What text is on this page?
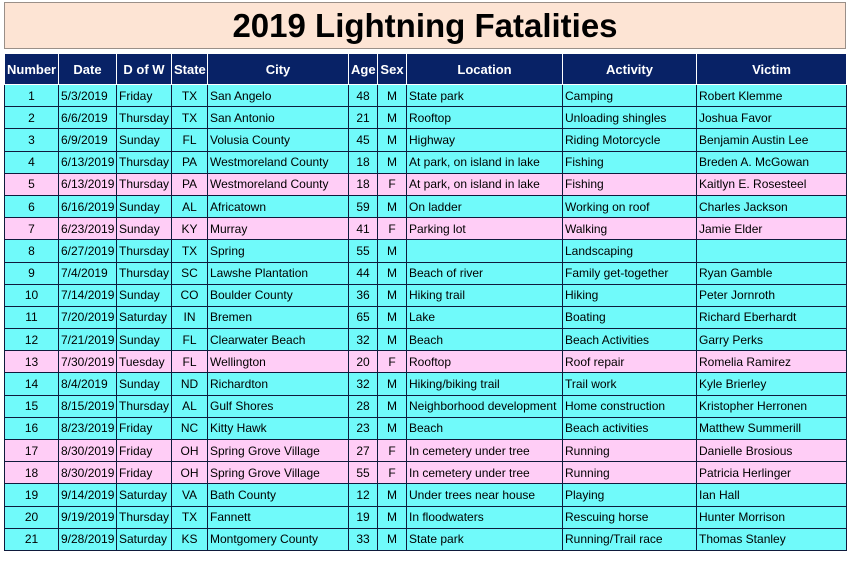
2019 Lightning Fatalities
Number	Date	D of W	State	City	Age	Sex	Location	Activity	Victim
1	5/3/2019	Friday	TX	San Angelo	48	M	State park	Camping	Robert Klemme
2	6/6/2019	Thursday	TX	San Antonio	21	M	Rooftop	Unloading shingles	Joshua Favor
3	6/9/2019	Sunday	FL	Volusia County	45	M	Highway	Riding Motorcycle	Benjamin Austin Lee
4	6/13/2019	Thursday	PA	Westmoreland County	18	M	At park, on island in lake	Fishing	Breden A. McGowan
5	6/13/2019	Thursday	PA	Westmoreland County	18	F	At park, on island in lake	Fishing	Kaitlyn E. Rosesteel
6	6/16/2019	Sunday	AL	Africatown	59	M	On ladder	Working on roof	Charles Jackson
7	6/23/2019	Sunday	KY	Murray	41	F	Parking lot	Walking	Jamie Elder
8	6/27/2019	Thursday	TX	Spring	55	M		Landscaping	
9	7/4/2019	Thursday	SC	Lawshe Plantation	44	M	Beach of river	Family get-together	Ryan Gamble
10	7/14/2019	Sunday	CO	Boulder County	36	M	Hiking trail	Hiking	Peter Jornroth
11	7/20/2019	Saturday	IN	Bremen	65	M	Lake	Boating	Richard Eberhardt
12	7/21/2019	Sunday	FL	Clearwater Beach	32	M	Beach	Beach Activities	Garry Perks
13	7/30/2019	Tuesday	FL	Wellington	20	F	Rooftop	Roof repair	Romelia Ramirez
14	8/4/2019	Sunday	ND	Richardton	32	M	Hiking/biking trail	Trail work	Kyle Brierley
15	8/15/2019	Thursday	AL	Gulf Shores	28	M	Neighborhood development	Home construction	Kristopher Herronen
16	8/23/2019	Friday	NC	Kitty Hawk	23	M	Beach	Beach activities	Matthew Summerill
17	8/30/2019	Friday	OH	Spring Grove Village	27	F	In cemetery under tree	Running	Danielle Brosious
18	8/30/2019	Friday	OH	Spring Grove Village	55	F	In cemetery under tree	Running	Patricia Herlinger
19	9/14/2019	Saturday	VA	Bath County	12	M	Under trees near house	Playing	Ian Hall
20	9/19/2019	Thursday	TX	Fannett	19	M	In floodwaters	Rescuing horse	Hunter Morrison
21	9/28/2019	Saturday	KS	Montgomery County	33	M	State park	Running/Trail race	Thomas Stanley
